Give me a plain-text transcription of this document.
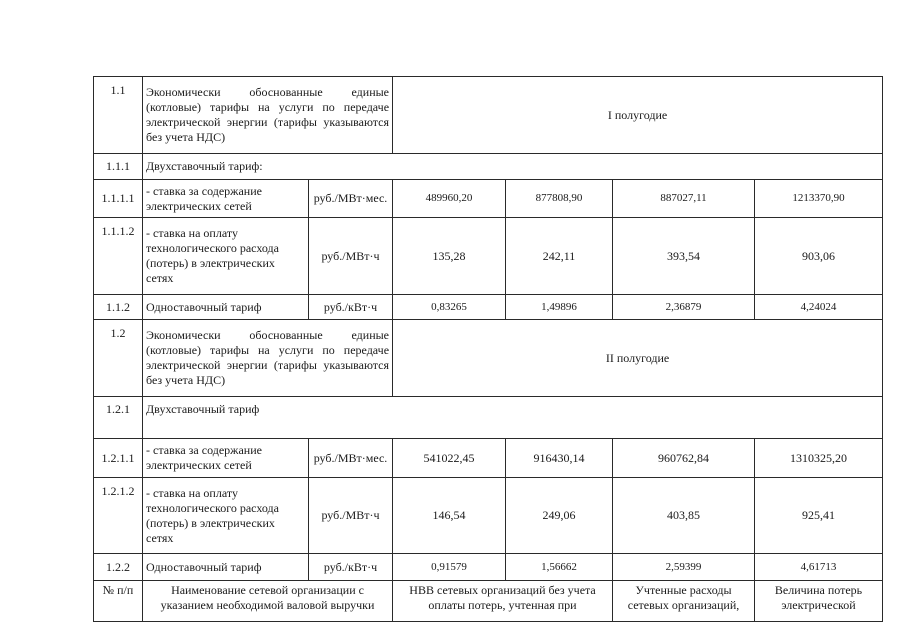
1.1	Экономически обоснованные единые (котловые) тарифы на услуги по передаче электрической энергии (тарифы указываются без учета НДС)		I полугодие			
1.1.1	Двухставочный тариф:					
1.1.1.1	- ставка за содержание электрических сетей	руб./МВт·мес.	489960,20	877808,90	887027,11	1213370,90
1.1.1.2	- ставка на оплату технологического расхода (потерь) в электрических сетях	руб./МВт·ч	135,28	242,11	393,54	903,06
1.1.2	Одноставочный тариф	руб./кВт·ч	0,83265	1,49896	2,36879	4,24024
1.2	Экономически обоснованные единые (котловые) тарифы на услуги по передаче электрической энергии (тарифы указываются без учета НДС)		II полугодие			
1.2.1	Двухставочный тариф					
1.2.1.1	- ставка за содержание электрических сетей	руб./МВт·мес.	541022,45	916430,14	960762,84	1310325,20
1.2.1.2	- ставка на оплату технологического расхода (потерь) в электрических сетях	руб./МВт·ч	146,54	249,06	403,85	925,41
1.2.2	Одноставочный тариф	руб./кВт·ч	0,91579	1,56662	2,59399	4,61713
№ п/п	Наименование сетевой организации с указанием необходимой валовой выручки		НВВ сетевых организаций без учета оплаты потерь, учтенная при		Учтенные расходы сетевых организаций,	Величина потерь электрической
